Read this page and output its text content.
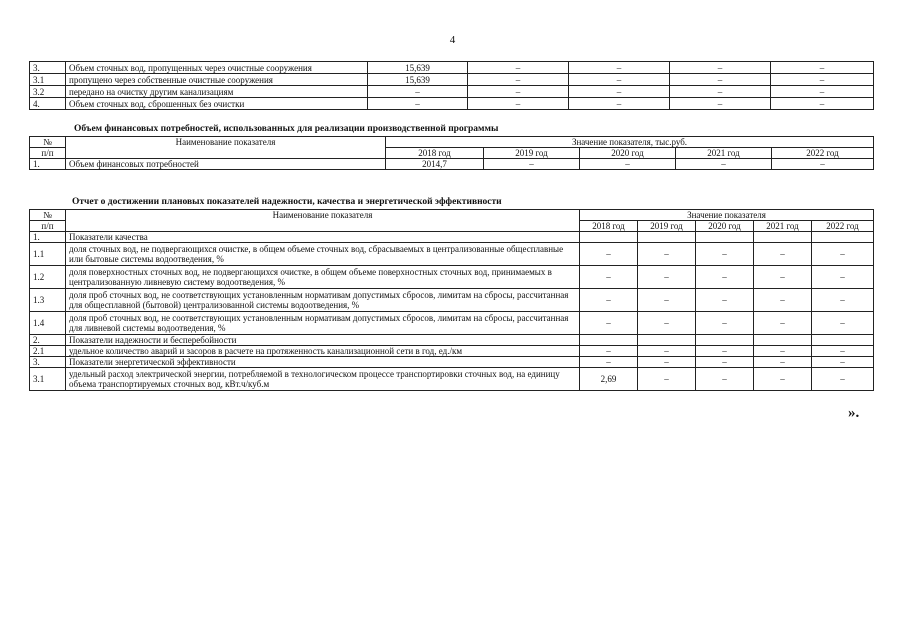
4
3.	Объем сточных вод, пропущенных через очистные сооружения	15,639	–	–	–	–
3.1	пропущено через собственные очистные сооружения	15,639	–	–	–	–
3.2	передано на очистку другим канализациям	–	–	–	–	–
4.	Объем сточных вод, сброшенных без очистки	–	–	–	–	–
Объем финансовых потребностей, использованных для реализации производственной программы
№	Наименование показателя	Значение показателя, тыс.руб.				
п/п		2018 год	2019 год	2020 год	2021 год	2022 год
1.	Объем финансовых потребностей	2014,7	–	–	–	–
Отчет о достижении плановых показателей надежности, качества и энергетической эффективности
№	Наименование показателя	Значение показателя				
п/п		2018 год	2019 год	2020 год	2021 год	2022 год
1.	Показатели качества					
1.1	доля сточных вод, не подвергающихся очистке, в общем объеме сточных вод, сбрасываемых в централизованные общесплавные или бытовые системы водоотведения, %	–	–	–	–	–
1.2	доля поверхностных сточных вод, не подвергающихся очистке, в общем объеме поверхностных сточных вод, принимаемых в централизованную ливневую систему водоотведения, %	–	–	–	–	–
1.3	доля проб сточных вод, не соответствующих установленным нормативам допустимых сбросов, лимитам на сбросы, рассчитанная для общесплавной (бытовой) централизованной системы водоотведения, %	–	–	–	–	–
1.4	доля проб сточных вод, не соответствующих установленным нормативам допустимых сбросов, лимитам на сбросы, рассчитанная для ливневой системы водоотведения, %	–	–	–	–	–
2.	Показатели надежности и бесперебойности					
2.1	удельное количество аварий и засоров в расчете на протяженность канализационной сети в год, ед./км	–	–	–	–	–
3.	Показатели энергетической эффективности	–	–	–	–	–
3.1	удельный расход электрической энергии, потребляемой в технологическом процессе транспортировки сточных вод, на единицу объема транспортируемых сточных вод, кВт.ч/куб.м	2,69	–	–	–	–
».
